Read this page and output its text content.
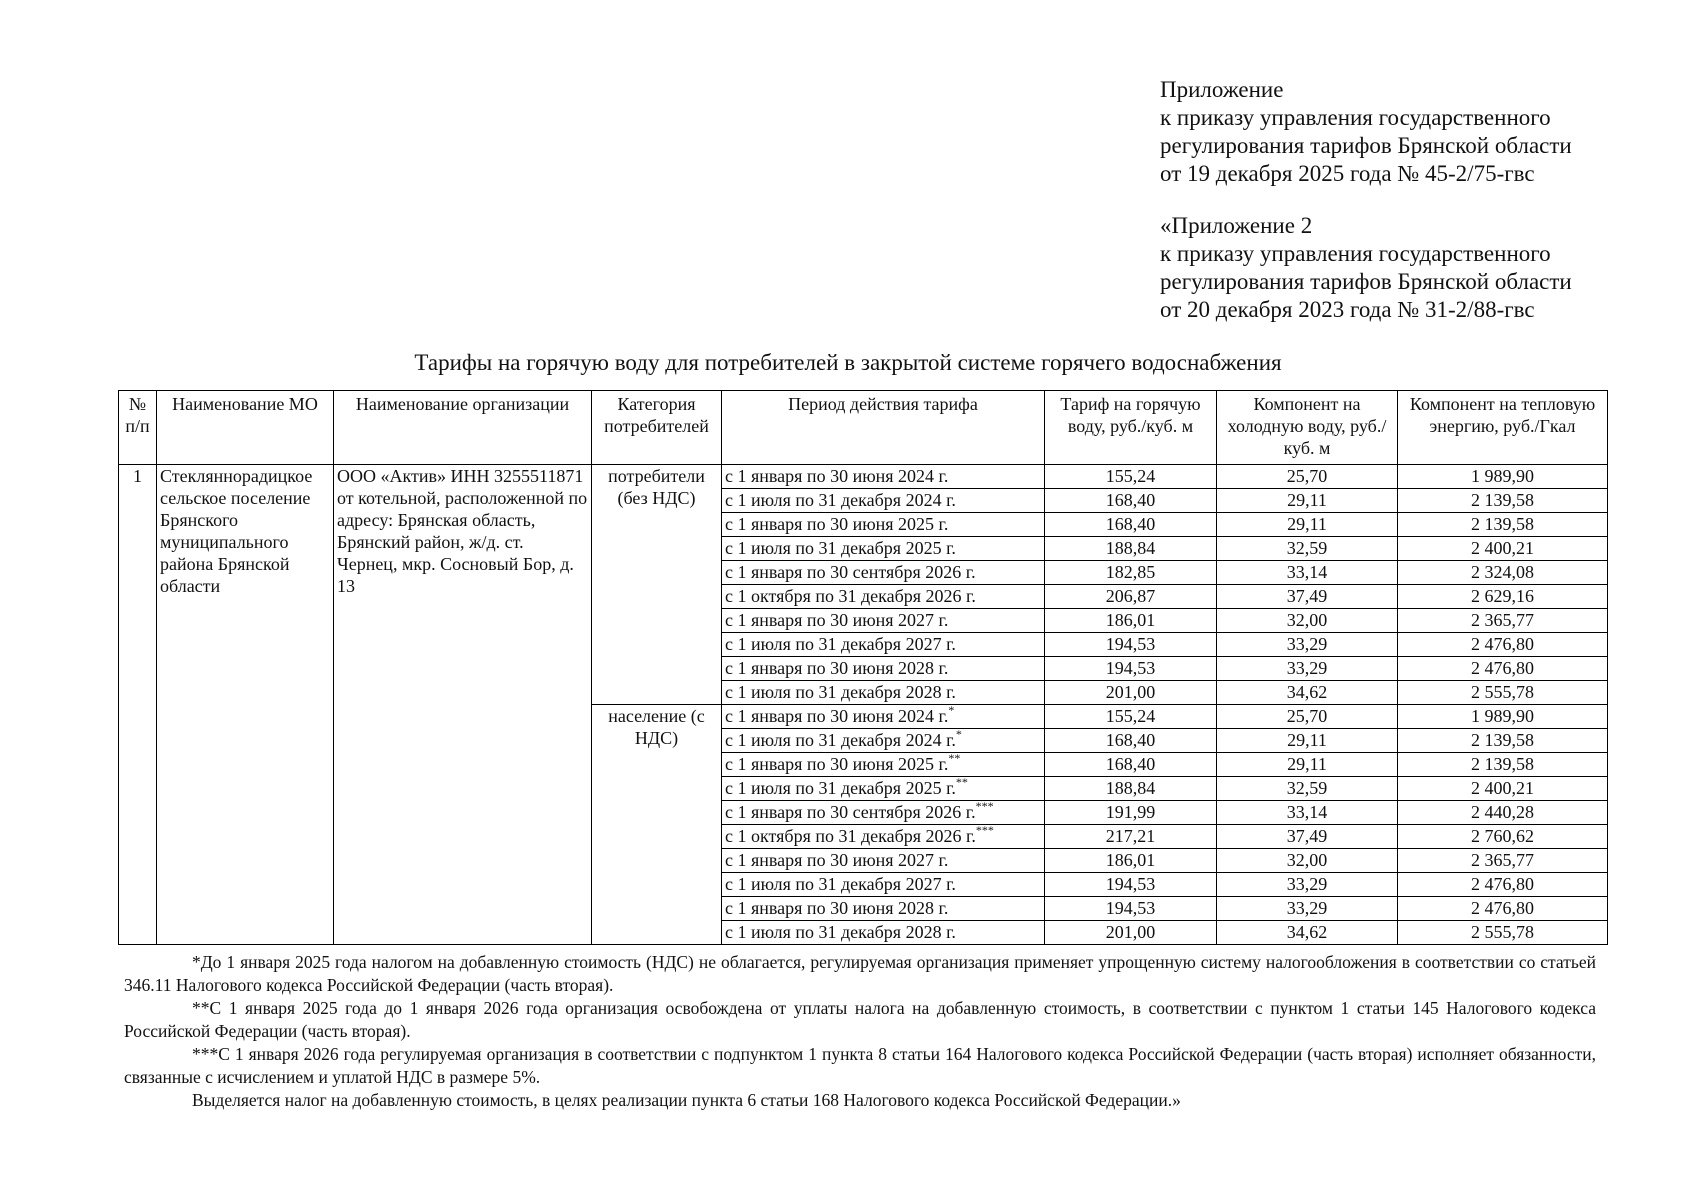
Приложение
к приказу управления государственного
регулирования тарифов Брянской области
от 19 декабря 2025 года № 45-2/75-гвс
«Приложение 2
к приказу управления государственного
регулирования тарифов Брянской области
от 20 декабря 2023 года № 31-2/88-гвс
Тарифы на горячую воду для потребителей в закрытой системе горячего водоснабжения
№ п/п	Наименование МО	Наименование организации	Категория потребителей	Период действия тарифа	Тариф на горячую воду, руб./куб. м	Компонент на холодную воду, руб./куб. м	Компонент на тепловую энергию, руб./Гкал
1	Стекляннорадицкое сельское поселение Брянского муниципального района Брянской области	ООО «Актив» ИНН 3255511871 от котельной, расположенной по адресу: Брянская область, Брянский район, ж/д. ст. Чернец, мкр. Сосновый Бор, д. 13	потребители (без НДС)	с 1 января по 30 июня 2024 г.	155,24	25,70	1 989,90
				с 1 июля по 31 декабря 2024 г.	168,40	29,11	2 139,58
				с 1 января по 30 июня 2025 г.	168,40	29,11	2 139,58
				с 1 июля по 31 декабря 2025 г.	188,84	32,59	2 400,21
				с 1 января по 30 сентября 2026 г.	182,85	33,14	2 324,08
				с 1 октября по 31 декабря 2026 г.	206,87	37,49	2 629,16
				с 1 января по 30 июня 2027 г.	186,01	32,00	2 365,77
				с 1 июля по 31 декабря 2027 г.	194,53	33,29	2 476,80
				с 1 января по 30 июня 2028 г.	194,53	33,29	2 476,80
				с 1 июля по 31 декабря 2028 г.	201,00	34,62	2 555,78
			население (с НДС)	с 1 января по 30 июня 2024 г.*	155,24	25,70	1 989,90
				с 1 июля по 31 декабря 2024 г.*	168,40	29,11	2 139,58
				с 1 января по 30 июня 2025 г.**	168,40	29,11	2 139,58
				с 1 июля по 31 декабря 2025 г.**	188,84	32,59	2 400,21
				с 1 января по 30 сентября 2026 г.***	191,99	33,14	2 440,28
				с 1 октября по 31 декабря 2026 г.***	217,21	37,49	2 760,62
				с 1 января по 30 июня 2027 г.	186,01	32,00	2 365,77
				с 1 июля по 31 декабря 2027 г.	194,53	33,29	2 476,80
				с 1 января по 30 июня 2028 г.	194,53	33,29	2 476,80
				с 1 июля по 31 декабря 2028 г.	201,00	34,62	2 555,78

*До 1 января 2025 года налогом на добавленную стоимость (НДС) не облагается, регулируемая организация применяет упрощенную систему налогообложения в соответствии со статьей 346.11 Налогового кодекса Российской Федерации (часть вторая).

**С 1 января 2025 года до 1 января 2026 года организация освобождена от уплаты налога на добавленную стоимость, в соответствии с пунктом 1 статьи 145 Налогового кодекса Российской Федерации (часть вторая).

***С 1 января 2026 года регулируемая организация в соответствии с подпунктом 1 пункта 8 статьи 164 Налогового кодекса Российской Федерации (часть вторая) исполняет обязанности, связанные с исчислением и уплатой НДС в размере 5%.

Выделяется налог на добавленную стоимость, в целях реализации пункта 6 статьи 168 Налогового кодекса Российской Федерации.»
